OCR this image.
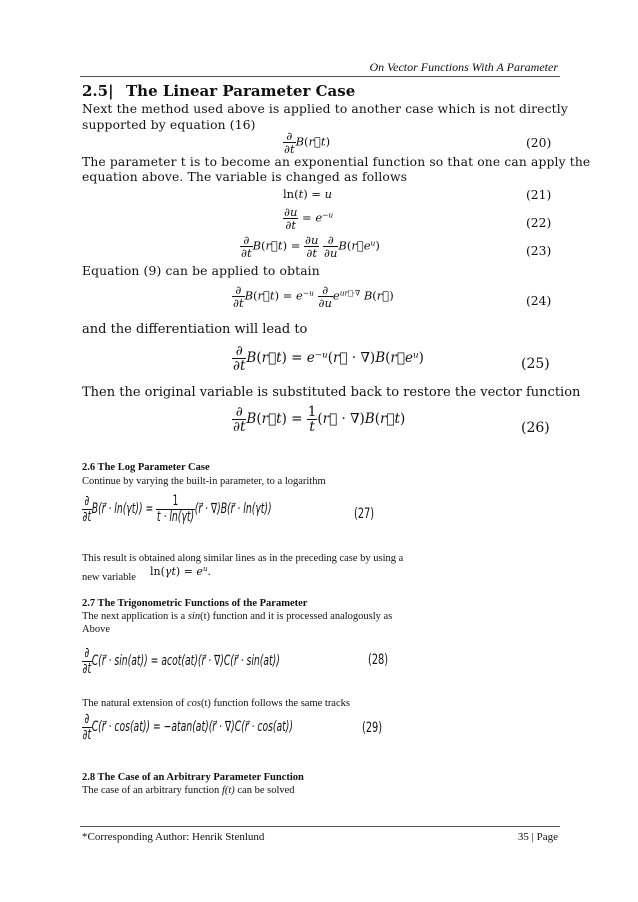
On Vector Functions With A Parameter
2.5| The Linear Parameter Case
Next the method used above is applied to another case which is not directly
supported by equation (16)
$\frac{\partial}{\partial t}$ B(r⃗t)	(20)
The parameter t is to become an exponential function so that one can apply the
equation above. The variable is changed as follows
ln(t) = u	(21)
$\frac{\partial u}{\partial t} = e^{-u}$
(22)
$\frac{\partial}{\partial t}$ B(r⃗t) = $\frac{\partial u}{\partial t}$
$\frac{\partial}{\partial u}$ $B(r⃗e^u)$	(23)
Equation (9) can be applied to obtain
$\frac{\partial}{\partial t}$ B(r⃗t) = $e^{-u} \frac{\partial}{\partial u} e^{ur⃗\cdot\nabla}$ B(r⃗)	(24)
and the differentiation will lead to
$\frac{\partial}{\partial t}$ B(r⃗t) = $e^{-u}(r⃗$ · $\nabla)B(r⃗e^u)$	(25)
Then the original variable is substituted back to restore the vector function
$\frac{\partial}{\partial t}$ B(r⃗t) = $\frac{1}{t}$ (r⃗ · ∇)B(r⃗t)
(26)
2.6 The Log Parameter Case
Continue by varying the built-in parameter, to a logarithm
$\frac{\partial}{\partial t}$ B(r⃗ · $\ln(\gamma t)) = \frac{1}{t \cdot \ln(\gamma t)}$ (r⃗ · ∇)B(r⃗ · ln(γt))	(27)
This result is obtained along similar lines as in the preceding case by using a
new variable $\ln(\gamma t) = e^u$.
2.7 The Trigonometric Functions of the Parameter
The next application is a sin(t) function and it is processed analogously as
Above
$\frac{\partial}{\partial t}$ C(r⃗ · sin(at)) = acot(at)(r⃗ · ∇)C(r⃗ · sin(at))	(28)
The natural extension of cos(t) function follows the same tracks
$\frac{\partial}{\partial t}$ C(r⃗ · cos(at)) = −atan(at)(r⃗ · ∇)C(r⃗ · cos(at))	(29)
2.8 The Case of an Arbitrary Parameter Function
The case of an arbitrary function f(t) can be solved
*Corresponding Author: Henrik Stenlund	35 | Page
